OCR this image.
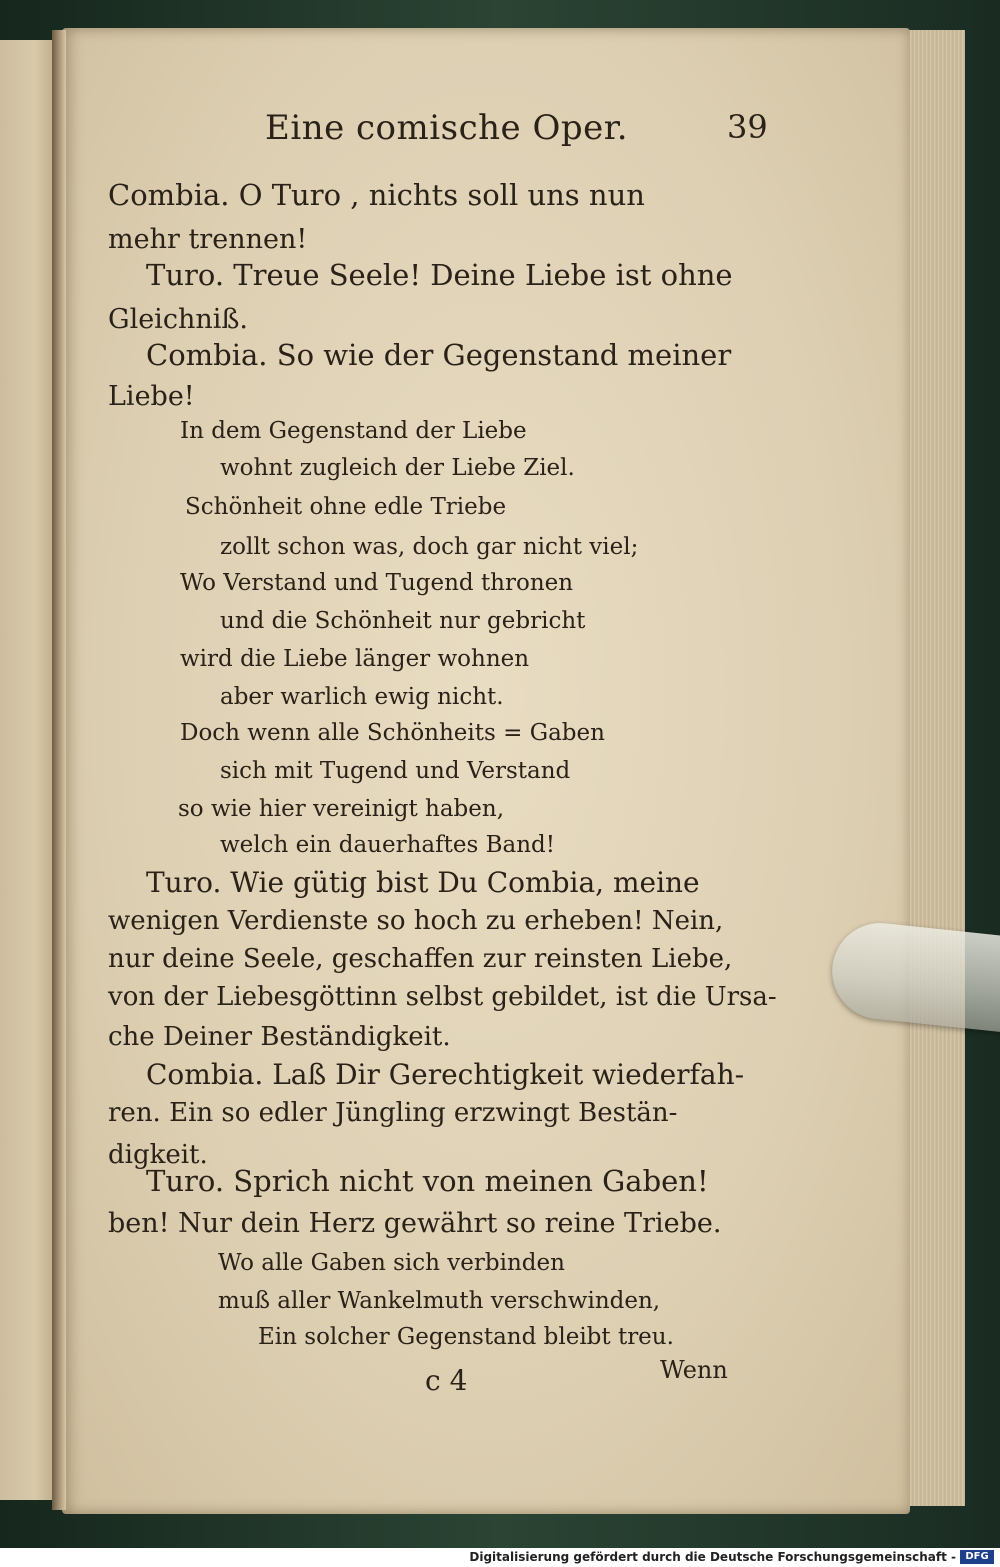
Eine comische Oper.	39
Combia. O Turo , nichts soll uns nun
mehr trennen!
Turo. Treue Seele! Deine Liebe ist ohne
Gleichniß.
Combia. So wie der Gegenstand meiner
Liebe!
In dem Gegenstand der Liebe
wohnt zugleich der Liebe Ziel.
Schönheit ohne edle Triebe
zollt schon was, doch gar nicht viel;
Wo Verstand und Tugend thronen
und die Schönheit nur gebricht
wird die Liebe länger wohnen
aber warlich ewig nicht.
Doch wenn alle Schönheits = Gaben
sich mit Tugend und Verstand
so wie hier vereinigt haben,
welch ein dauerhaftes Band!
Turo. Wie gütig bist Du Combia, meine
wenigen Verdienste so hoch zu erheben! Nein,
nur deine Seele, geschaffen zur reinsten Liebe,
von der Liebesgöttinn selbst gebildet, ist die Ursa-
che Deiner Beständigkeit.
Combia. Laß Dir Gerechtigkeit wiederfah-
ren. Ein so edler Jüngling erzwingt Bestän-
digkeit.
Turo. Sprich nicht von meinen Gaben!
ben! Nur dein Herz gewährt so reine Triebe.
Wo alle Gaben sich verbinden
muß aller Wankelmuth verschwinden,
Ein solcher Gegenstand bleibt treu.
c 4	Wenn
Digitalisierung gefördert durch die Deutsche Forschungsgemeinschaft - DFG
